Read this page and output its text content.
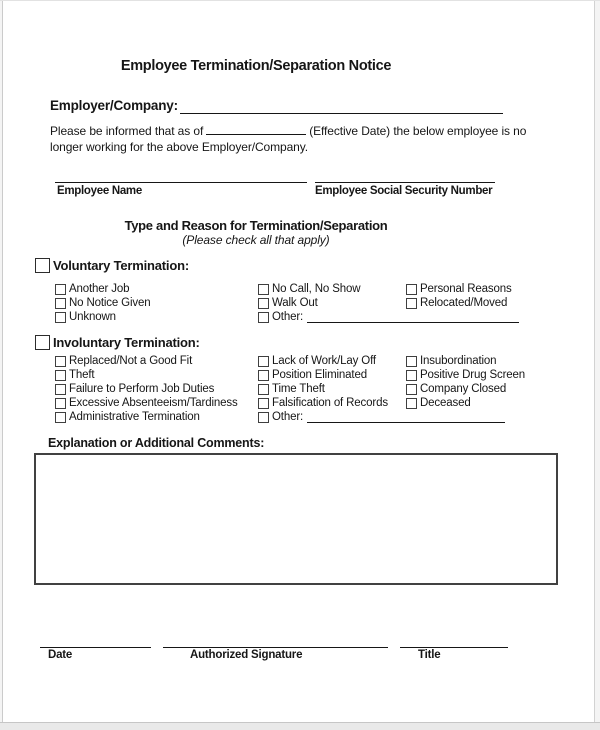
Employee Termination/Separation Notice
Employer/Company:
Please be informed that as of	(Effective Date) the below employee is no
longer working for the above Employer/Company.
Employee Name	Employee Social Security Number
Type and Reason for Termination/Separation
(Please check all that apply)
Voluntary Termination:
Another Job
No Notice Given
Unknown
No Call, No Show
Walk Out
Other:
Personal Reasons
Relocated/Moved
Involuntary Termination:
Replaced/Not a Good Fit
Theft
Failure to Perform Job Duties
Excessive Absenteeism/Tardiness
Administrative Termination
Lack of Work/Lay Off
Position Eliminated
Time Theft
Falsification of Records
Other:
Insubordination
Positive Drug Screen
Company Closed
Deceased
Explanation or Additional Comments:
Date	Authorized Signature	Title
